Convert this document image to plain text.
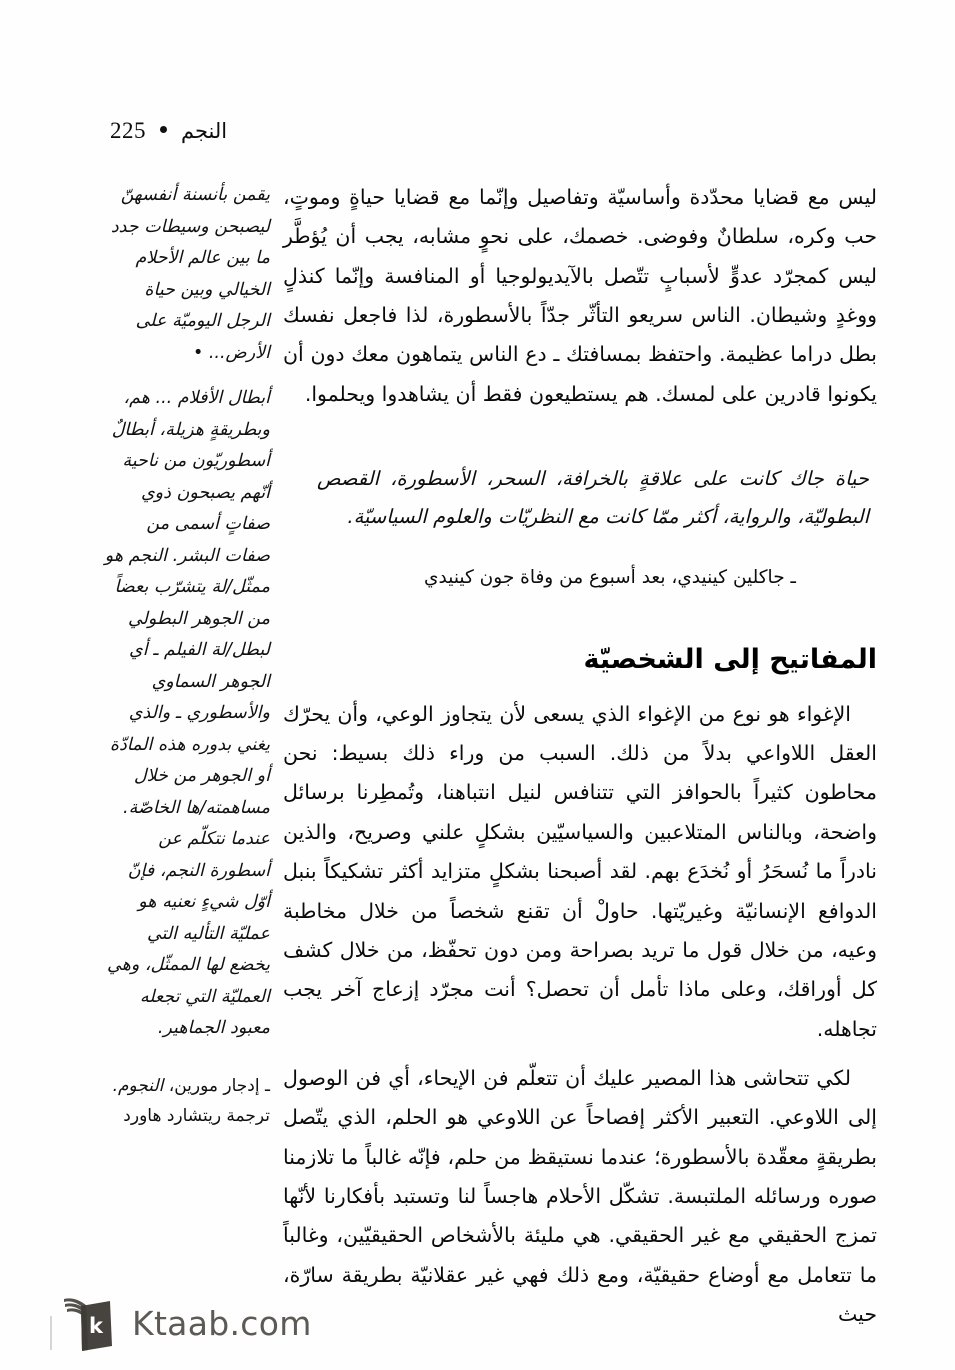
225 النجم

يقمن بأنسنة أنفسهنّ ليصبحن وسيطات جدد ما بين عالم الأحلام الخيالي وبين حياة الرجل اليوميّة على الأرض... •

أبطال الأفلام ... هم، وبطريقةٍ هزيلة، أبطالٌ أسطوريّون من ناحية أنّهم يصبحون ذوي صفاتٍ أسمى من صفات البشر. النجم هو ممثّل/لة يتشرّب بعضاً من الجوهر البطولي لبطل/لة الفيلم ـ أي الجوهر السماوي والأسطوري ـ والذي يغني بدوره هذه المادّة أو الجوهر من خلال مساهمته/ها الخاصّة. عندما نتكلّم عن أسطورة النجم، فإنّ أوّل شيءٍ نعنيه هو عمليّة التأليه التي يخضع لها الممثّل، وهي العمليّة التي تجعله معبود الجماهير.

ـ إدجار مورين، النجوم. ترجمة ريتشارد هاورد

ليس مع قضايا محدّدة وأساسيّة وتفاصيل وإنّما مع قضايا حياةٍ وموتٍ، حب وكره، سلطانٌ وفوضى. خصمك، على نحوٍ مشابه، يجب أن يُؤطَّر ليس كمجرّد عدوٍّ لأسبابٍ تتّصل بالآيديولوجيا أو المنافسة وإنّما كنذلٍ ووغدٍ وشيطان. الناس سريعو التأثّر جدّاً بالأسطورة، لذا فاجعل نفسك بطل دراما عظيمة. واحتفظ بمسافتك ـ دع الناس يتماهون معك دون أن يكونوا قادرين على لمسك. هم يستطيعون فقط أن يشاهدوا ويحلموا.

حياة جاك كانت على علاقةٍ بالخرافة، السحر، الأسطورة، القصص البطوليّة، والرواية، أكثر ممّا كانت مع النظريّات والعلوم السياسيّة.

ـ جاكلين كينيدي، بعد أسبوع من وفاة جون كينيدي
المفاتيح إلى الشخصيّة

الإغواء هو نوع من الإغواء الذي يسعى لأن يتجاوز الوعي، وأن يحرّك العقل اللاواعي بدلاً من ذلك. السبب من وراء ذلك بسيط: نحن محاطون كثيراً بالحوافز التي تتنافس لنيل انتباهنا، وتُمطِرنا برسائل واضحة، وبالناس المتلاعبين والسياسيّين بشكلٍ علني وصريح، والذين نادراً ما نُسحَرُ أو نُخدَع بهم. لقد أصبحنا بشكلٍ متزايد أكثر تشكيكاً بنبل الدوافع الإنسانيّة وغيريّتها. حاولْ أن تقنع شخصاً من خلال مخاطبة وعيه، من خلال قول ما تريد بصراحة ومن دون تحفّظ، من خلال كشف كل أوراقك، وعلى ماذا تأمل أن تحصل؟ أنت مجرّد إزعاج آخر يجب تجاهله.

لكي تتحاشى هذا المصير عليك أن تتعلّم فن الإيحاء، أي فن الوصول إلى اللاوعي. التعبير الأكثر إفصاحاً عن اللاوعي هو الحلم، الذي يتّصل بطريقةٍ معقّدة بالأسطورة؛ عندما نستيقظ من حلم، فإنّه غالباً ما تلازمنا صوره ورسائله الملتبسة. تشكّل الأحلام هاجساً لنا وتستبد بأفكارنا لأنّها تمزج الحقيقي مع غير الحقيقي. هي مليئة بالأشخاص الحقيقيّين، وغالباً ما تتعامل مع أوضاع حقيقيّة، ومع ذلك فهي غير عقلانيّة بطريقة سارّة، حيث

k Ktaab.com
